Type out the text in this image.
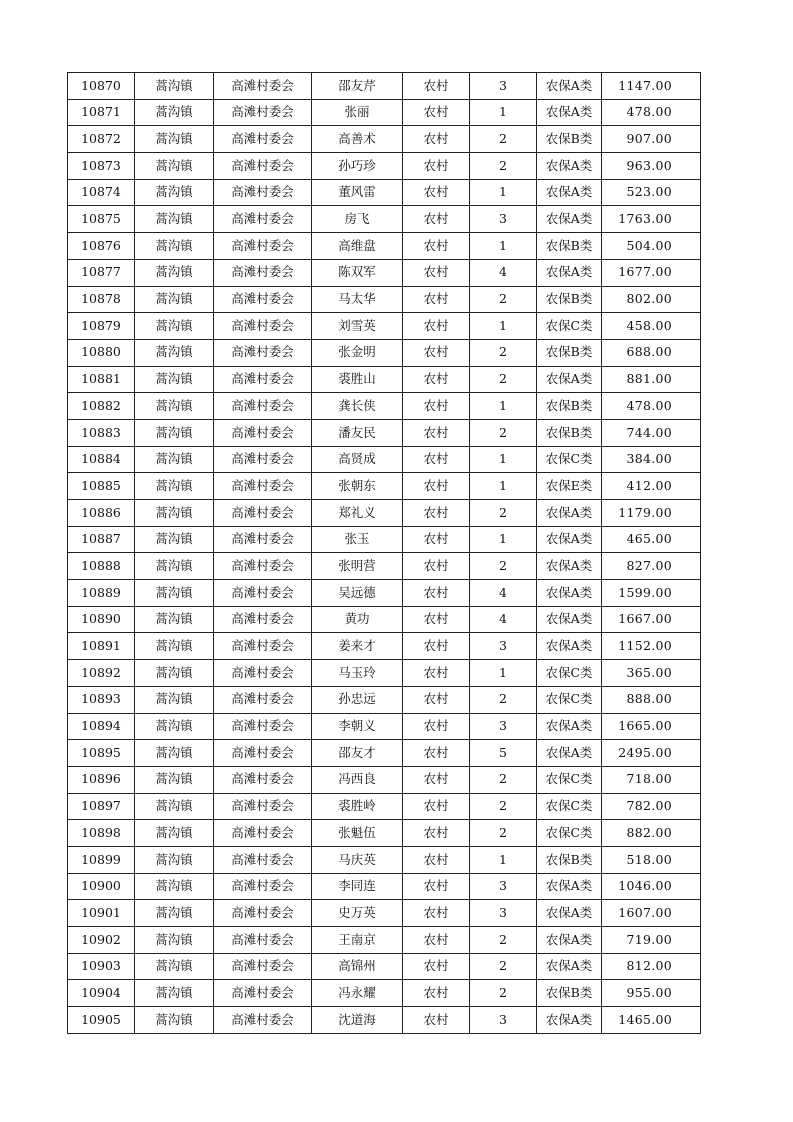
10870	蒿沟镇	高滩村委会	邵友芹	农村	3	农保A类	1147.00
10871	蒿沟镇	高滩村委会	张丽	农村	1	农保A类	478.00
10872	蒿沟镇	高滩村委会	高善术	农村	2	农保B类	907.00
10873	蒿沟镇	高滩村委会	孙巧珍	农村	2	农保A类	963.00
10874	蒿沟镇	高滩村委会	董风雷	农村	1	农保A类	523.00
10875	蒿沟镇	高滩村委会	房飞	农村	3	农保A类	1763.00
10876	蒿沟镇	高滩村委会	高维盘	农村	1	农保B类	504.00
10877	蒿沟镇	高滩村委会	陈双军	农村	4	农保A类	1677.00
10878	蒿沟镇	高滩村委会	马太华	农村	2	农保B类	802.00
10879	蒿沟镇	高滩村委会	刘雪英	农村	1	农保C类	458.00
10880	蒿沟镇	高滩村委会	张金明	农村	2	农保B类	688.00
10881	蒿沟镇	高滩村委会	裘胜山	农村	2	农保A类	881.00
10882	蒿沟镇	高滩村委会	龚长侠	农村	1	农保B类	478.00
10883	蒿沟镇	高滩村委会	潘友民	农村	2	农保B类	744.00
10884	蒿沟镇	高滩村委会	高贤成	农村	1	农保C类	384.00
10885	蒿沟镇	高滩村委会	张朝东	农村	1	农保E类	412.00
10886	蒿沟镇	高滩村委会	郑礼义	农村	2	农保A类	1179.00
10887	蒿沟镇	高滩村委会	张玉	农村	1	农保A类	465.00
10888	蒿沟镇	高滩村委会	张明营	农村	2	农保A类	827.00
10889	蒿沟镇	高滩村委会	吴远德	农村	4	农保A类	1599.00
10890	蒿沟镇	高滩村委会	黄功	农村	4	农保A类	1667.00
10891	蒿沟镇	高滩村委会	姜来才	农村	3	农保A类	1152.00
10892	蒿沟镇	高滩村委会	马玉玲	农村	1	农保C类	365.00
10893	蒿沟镇	高滩村委会	孙忠远	农村	2	农保C类	888.00
10894	蒿沟镇	高滩村委会	李朝义	农村	3	农保A类	1665.00
10895	蒿沟镇	高滩村委会	邵友才	农村	5	农保A类	2495.00
10896	蒿沟镇	高滩村委会	冯西良	农村	2	农保C类	718.00
10897	蒿沟镇	高滩村委会	裘胜岭	农村	2	农保C类	782.00
10898	蒿沟镇	高滩村委会	张魁伍	农村	2	农保C类	882.00
10899	蒿沟镇	高滩村委会	马庆英	农村	1	农保B类	518.00
10900	蒿沟镇	高滩村委会	李同连	农村	3	农保A类	1046.00
10901	蒿沟镇	高滩村委会	史万英	农村	3	农保A类	1607.00
10902	蒿沟镇	高滩村委会	王南京	农村	2	农保A类	719.00
10903	蒿沟镇	高滩村委会	高锦州	农村	2	农保A类	812.00
10904	蒿沟镇	高滩村委会	冯永耀	农村	2	农保B类	955.00
10905	蒿沟镇	高滩村委会	沈道海	农村	3	农保A类	1465.00
